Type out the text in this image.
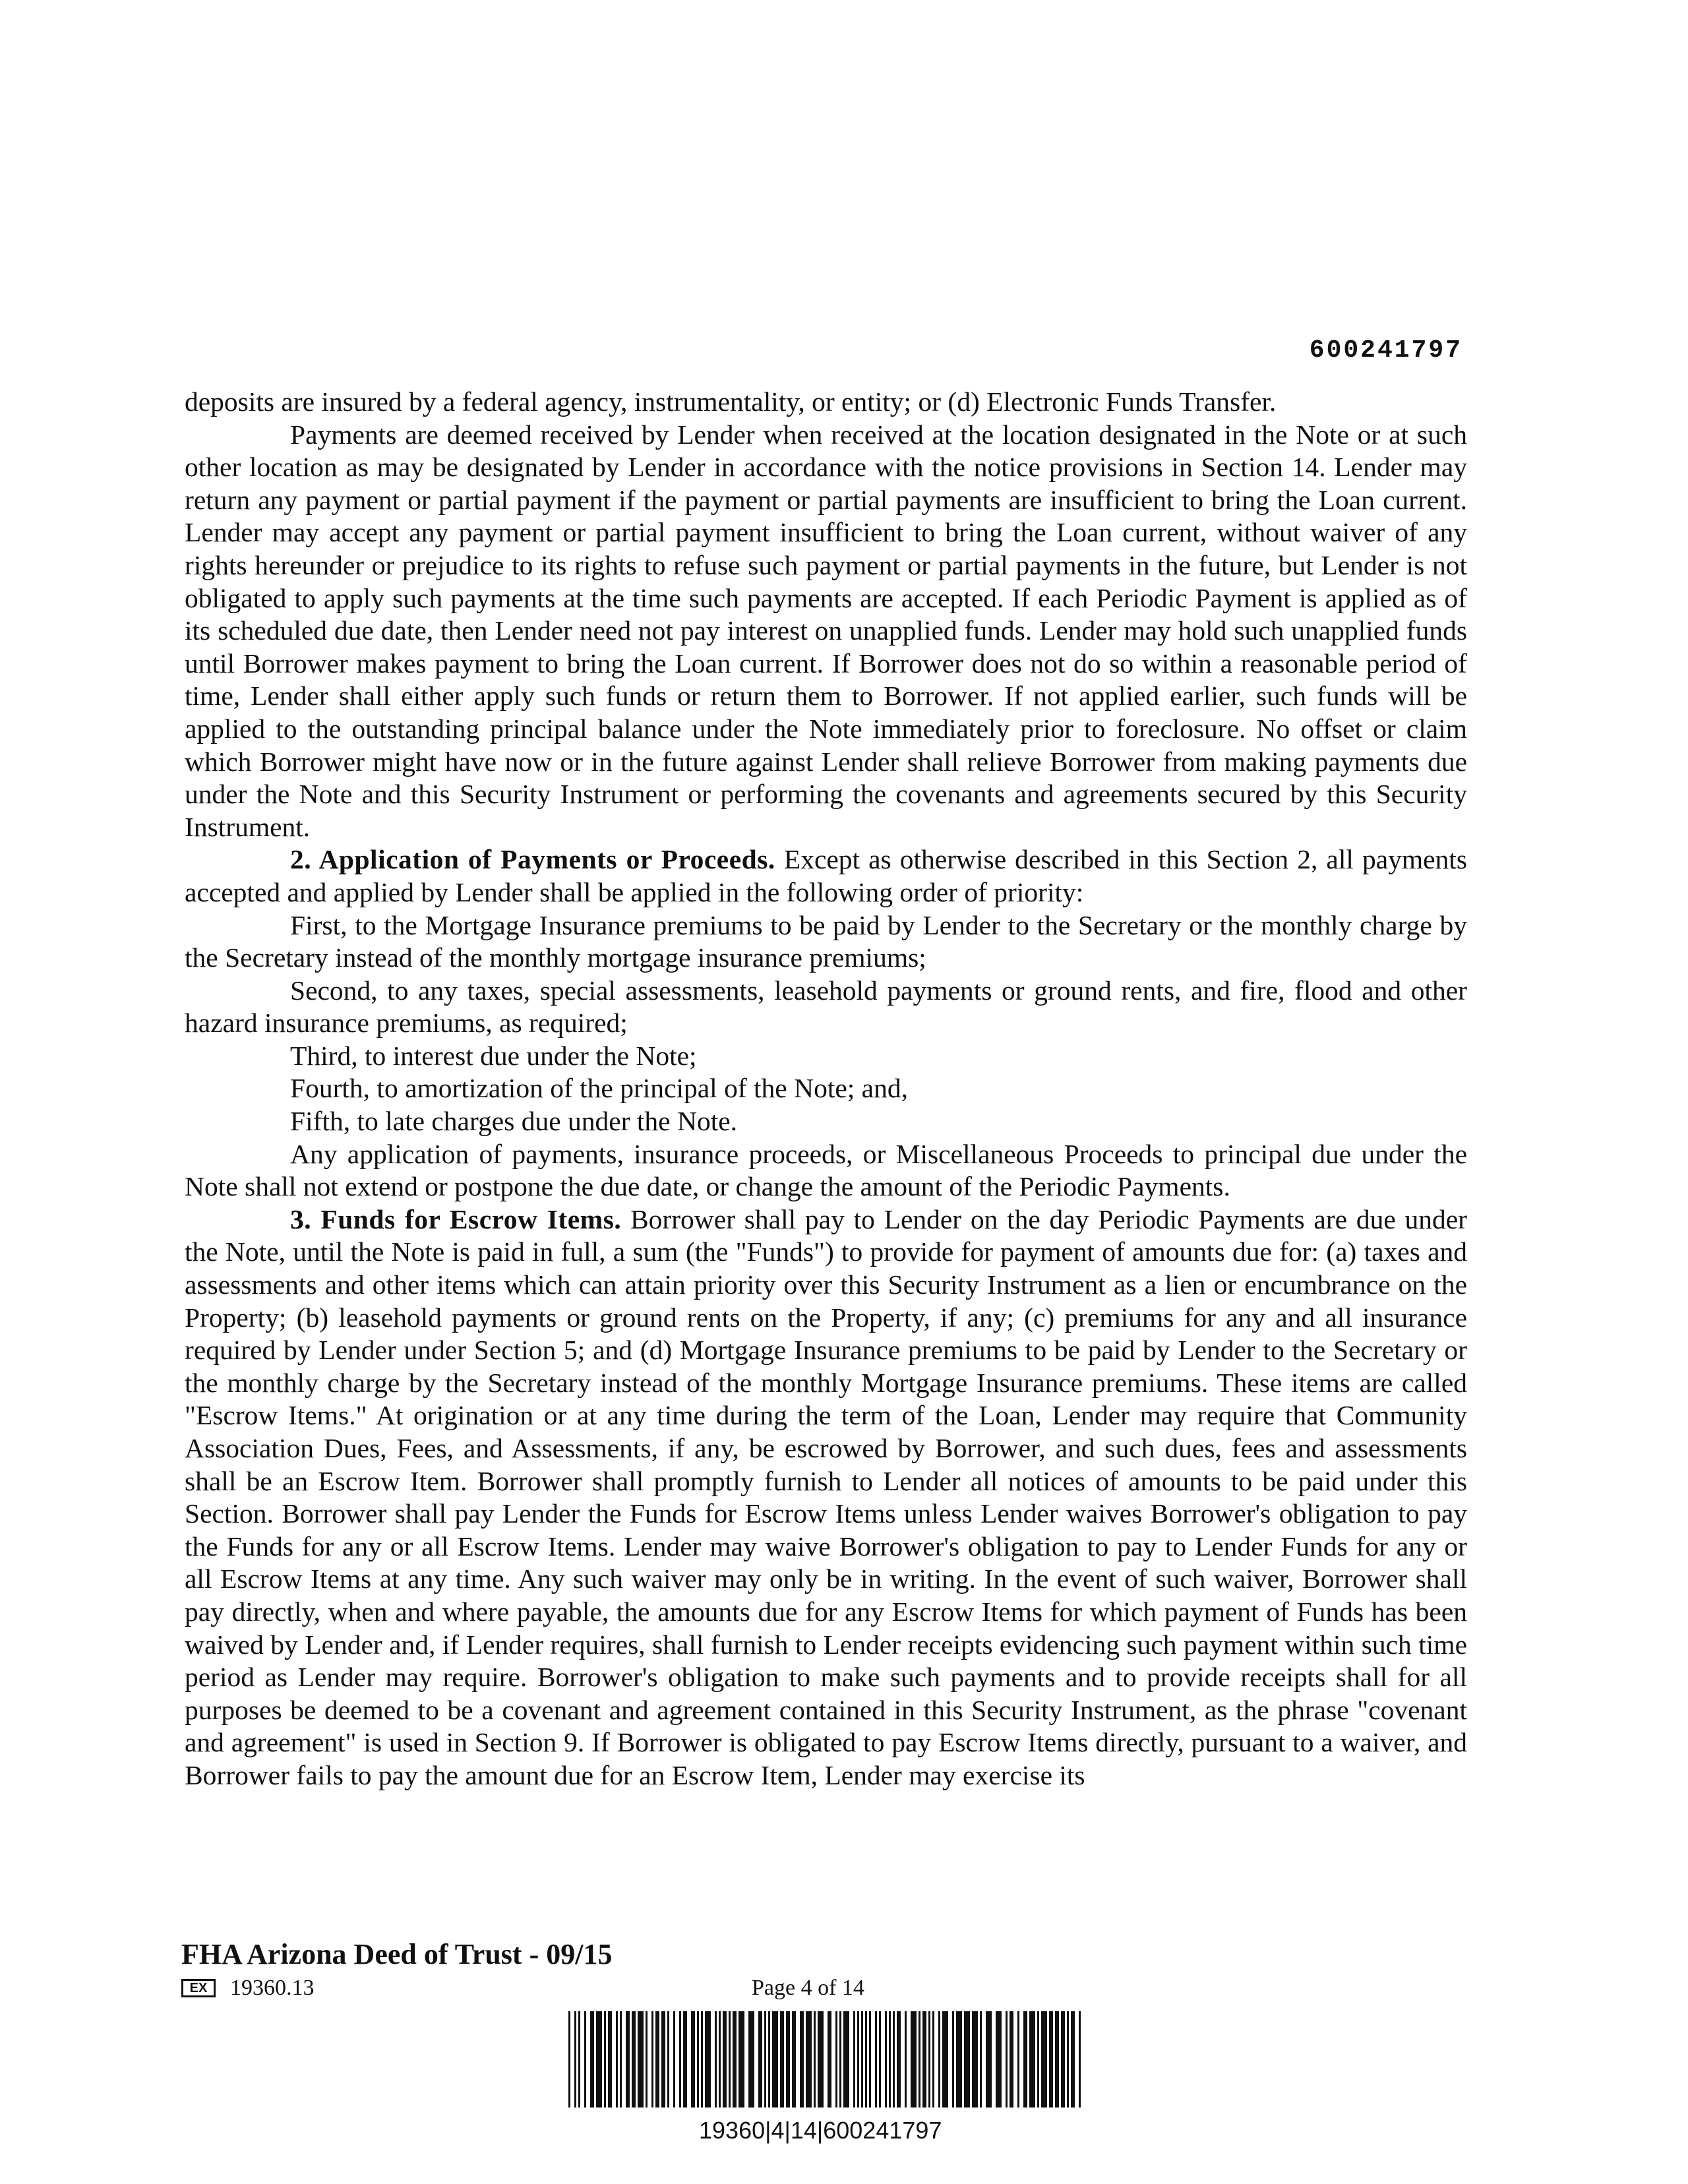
600241797

deposits are insured by a federal agency, instrumentality, or entity; or (d) Electronic Funds Transfer.

Payments are deemed received by Lender when received at the location designated in the Note or at such other location as may be designated by Lender in accordance with the notice provisions in Section 14. Lender may return any payment or partial payment if the payment or partial payments are insufficient to bring the Loan current. Lender may accept any payment or partial payment insufficient to bring the Loan current, without waiver of any rights hereunder or prejudice to its rights to refuse such payment or partial payments in the future, but Lender is not obligated to apply such payments at the time such payments are accepted. If each Periodic Payment is applied as of its scheduled due date, then Lender need not pay interest on unapplied funds. Lender may hold such unapplied funds until Borrower makes payment to bring the Loan current. If Borrower does not do so within a reasonable period of time, Lender shall either apply such funds or return them to Borrower. If not applied earlier, such funds will be applied to the outstanding principal balance under the Note immediately prior to foreclosure. No offset or claim which Borrower might have now or in the future against Lender shall relieve Borrower from making payments due under the Note and this Security Instrument or performing the covenants and agreements secured by this Security Instrument.

2. Application of Payments or Proceeds. Except as otherwise described in this Section 2, all payments accepted and applied by Lender shall be applied in the following order of priority:

First, to the Mortgage Insurance premiums to be paid by Lender to the Secretary or the monthly charge by the Secretary instead of the monthly mortgage insurance premiums;

Second, to any taxes, special assessments, leasehold payments or ground rents, and fire, flood and other hazard insurance premiums, as required;

Third, to interest due under the Note;

Fourth, to amortization of the principal of the Note; and,

Fifth, to late charges due under the Note.

Any application of payments, insurance proceeds, or Miscellaneous Proceeds to principal due under the Note shall not extend or postpone the due date, or change the amount of the Periodic Payments.

3. Funds for Escrow Items. Borrower shall pay to Lender on the day Periodic Payments are due under the Note, until the Note is paid in full, a sum (the "Funds") to provide for payment of amounts due for: (a) taxes and assessments and other items which can attain priority over this Security Instrument as a lien or encumbrance on the Property; (b) leasehold payments or ground rents on the Property, if any; (c) premiums for any and all insurance required by Lender under Section 5; and (d) Mortgage Insurance premiums to be paid by Lender to the Secretary or the monthly charge by the Secretary instead of the monthly Mortgage Insurance premiums. These items are called "Escrow Items." At origination or at any time during the term of the Loan, Lender may require that Community Association Dues, Fees, and Assessments, if any, be escrowed by Borrower, and such dues, fees and assessments shall be an Escrow Item. Borrower shall promptly furnish to Lender all notices of amounts to be paid under this Section. Borrower shall pay Lender the Funds for Escrow Items unless Lender waives Borrower's obligation to pay the Funds for any or all Escrow Items. Lender may waive Borrower's obligation to pay to Lender Funds for any or all Escrow Items at any time. Any such waiver may only be in writing. In the event of such waiver, Borrower shall pay directly, when and where payable, the amounts due for any Escrow Items for which payment of Funds has been waived by Lender and, if Lender requires, shall furnish to Lender receipts evidencing such payment within such time period as Lender may require. Borrower's obligation to make such payments and to provide receipts shall for all purposes be deemed to be a covenant and agreement contained in this Security Instrument, as the phrase "covenant and agreement" is used in Section 9. If Borrower is obligated to pay Escrow Items directly, pursuant to a waiver, and Borrower fails to pay the amount due for an Escrow Item, Lender may exercise its

FHA Arizona Deed of Trust - 09/15
EX	19360.13	Page 4 of 14
19360|4|14|600241797
